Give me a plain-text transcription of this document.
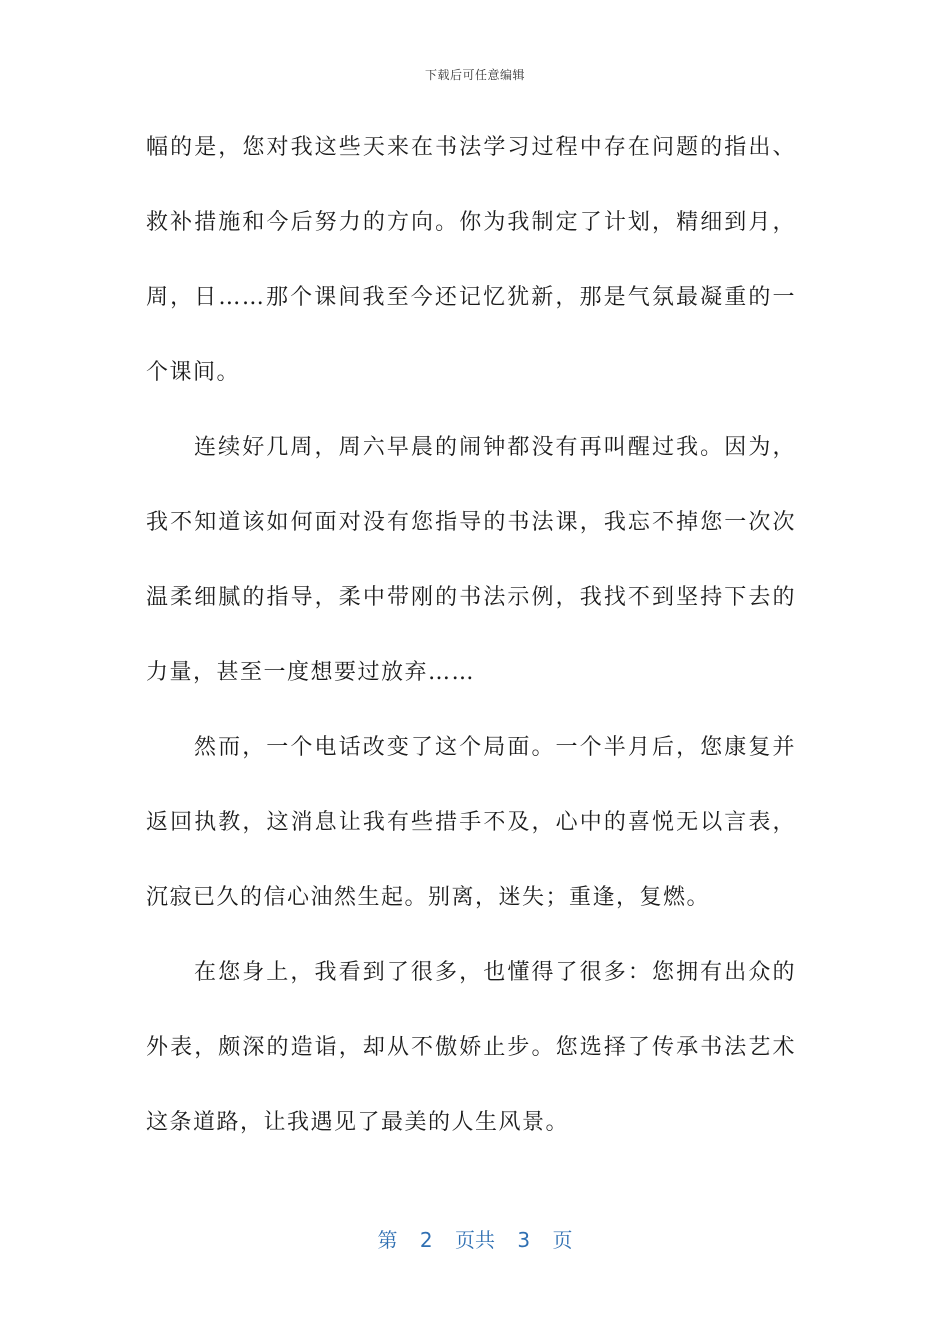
下载后可任意编辑
幅的是，您对我这些天来在书法学习过程中存在问题的指出、
救补措施和今后努力的方向。你为我制定了计划，精细到月，
周，日……那个课间我至今还记忆犹新，那是气氛最凝重的一
个课间。
连续好几周，周六早晨的闹钟都没有再叫醒过我。因为，
我不知道该如何面对没有您指导的书法课，我忘不掉您一次次
温柔细腻的指导，柔中带刚的书法示例，我找不到坚持下去的
力量，甚至一度想要过放弃……
然而，一个电话改变了这个局面。一个半月后，您康复并
返回执教，这消息让我有些措手不及，心中的喜悦无以言表，
沉寂已久的信心油然生起。别离，迷失；重逢，复燃。
在您身上，我看到了很多，也懂得了很多：您拥有出众的
外表，颇深的造诣，却从不傲娇止步。您选择了传承书法艺术
这条道路，让我遇见了最美的人生风景。
第 2 页共 3 页
